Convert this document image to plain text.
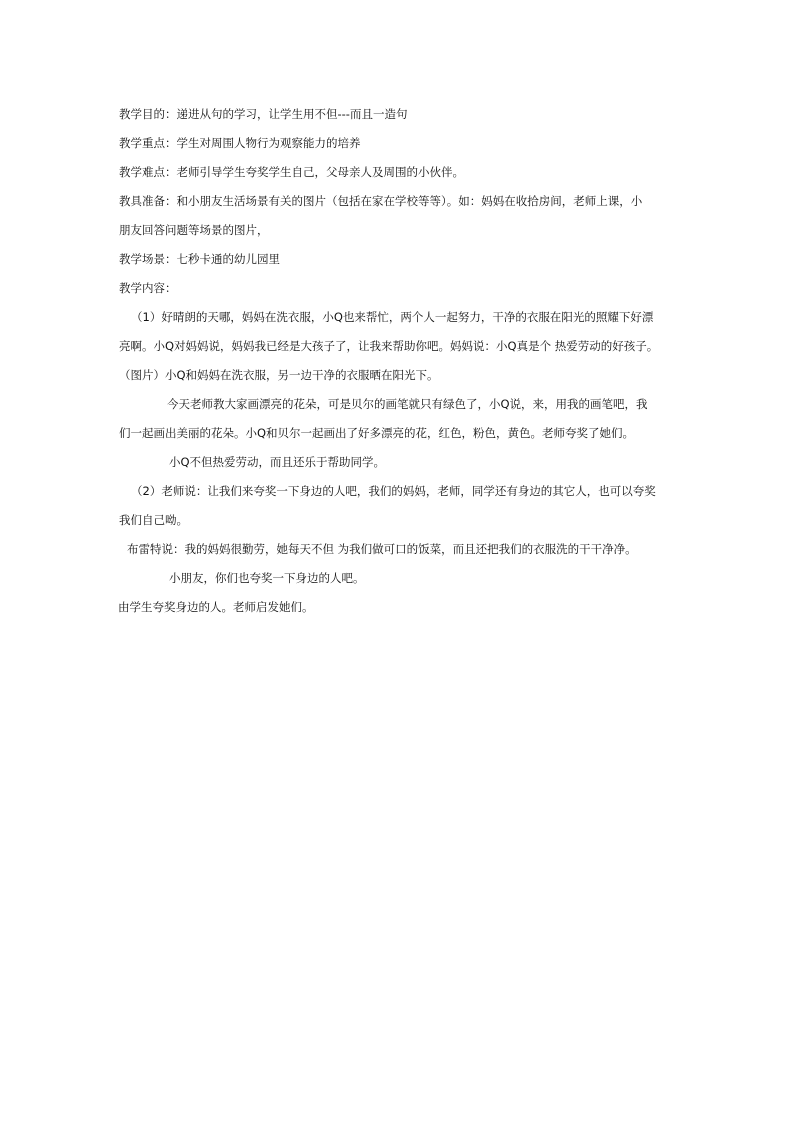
教学目的：递进从句的学习，让学生用不但---而且一造句
教学重点：学生对周围人物行为观察能力的培养
教学难点：老师引导学生夸奖学生自己，父母亲人及周围的小伙伴。
教具准备：和小朋友生活场景有关的图片（包括在家在学校等等）。如：妈妈在收拾房间，老师上课，小
朋友回答问题等场景的图片，
教学场景：七秒卡通的幼儿园里
教学内容：
（1）好晴朗的天哪，妈妈在洗衣服，小Q也来帮忙，两个人一起努力，干净的衣服在阳光的照耀下好漂
亮啊。小Q对妈妈说，妈妈我已经是大孩子了，让我来帮助你吧。妈妈说：小Q真是个 热爱劳动的好孩子。
（图片）小Q和妈妈在洗衣服，另一边干净的衣服晒在阳光下。
今天老师教大家画漂亮的花朵，可是贝尔的画笔就只有绿色了，小Q说，来，用我的画笔吧，我
们一起画出美丽的花朵。小Q和贝尔一起画出了好多漂亮的花，红色，粉色，黄色。老师夸奖了她们。
小Q不但热爱劳动，而且还乐于帮助同学。
（2）老师说：让我们来夸奖一下身边的人吧，我们的妈妈，老师，同学还有身边的其它人，也可以夸奖
我们自己呦。
布雷特说：我的妈妈很勤劳，她每天不但 为我们做可口的饭菜，而且还把我们的衣服洗的干干净净。
小朋友，你们也夸奖一下身边的人吧。
由学生夸奖身边的人。老师启发她们。
